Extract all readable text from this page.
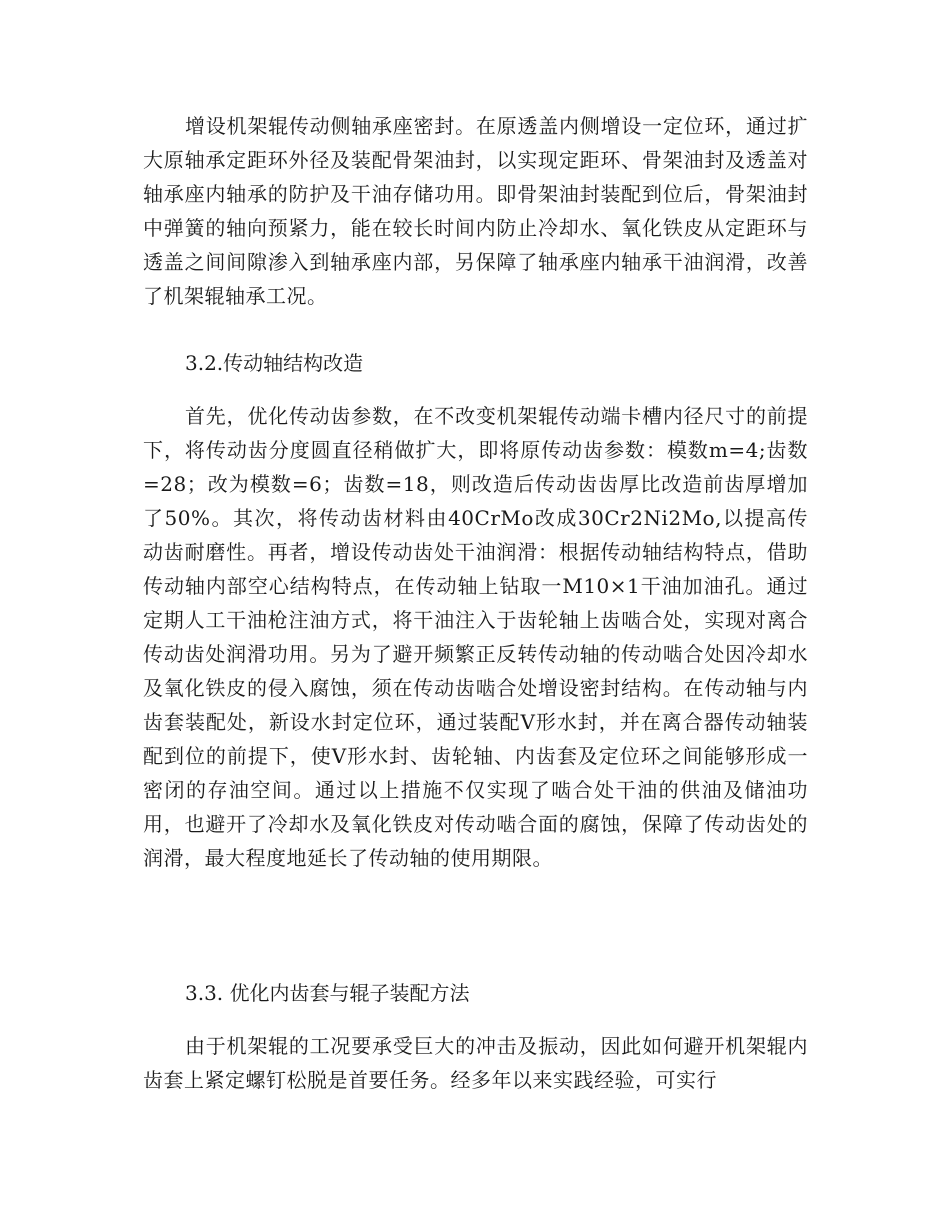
增设机架辊传动侧轴承座密封。在原透盖内侧增设一定位环，通过扩大原轴承定距环外径及装配骨架油封，以实现定距环、骨架油封及透盖对轴承座内轴承的防护及干油存储功用。即骨架油封装配到位后，骨架油封中弹簧的轴向预紧力，能在较长时间内防止冷却水、氧化铁皮从定距环与透盖之间间隙渗入到轴承座内部，另保障了轴承座内轴承干油润滑，改善了机架辊轴承工况。

3.2.传动轴结构改造

首先，优化传动齿参数，在不改变机架辊传动端卡槽内径尺寸的前提下，将传动齿分度圆直径稍做扩大，即将原传动齿参数：模数m=4;齿数=28；改为模数=6；齿数=18，则改造后传动齿齿厚比改造前齿厚增加了50%。其次，将传动齿材料由40CrMo改成30Cr2Ni2Mo,以提高传动齿耐磨性。再者，增设传动齿处干油润滑：根据传动轴结构特点，借助传动轴内部空心结构特点，在传动轴上钻取一M10×1干油加油孔。通过定期人工干油枪注油方式，将干油注入于齿轮轴上齿啮合处，实现对离合传动齿处润滑功用。另为了避开频繁正反转传动轴的传动啮合处因冷却水及氧化铁皮的侵入腐蚀，须在传动齿啮合处增设密封结构。在传动轴与内齿套装配处，新设水封定位环，通过装配V形水封，并在离合器传动轴装配到位的前提下，使V形水封、齿轮轴、内齿套及定位环之间能够形成一密闭的存油空间。通过以上措施不仅实现了啮合处干油的供油及储油功用，也避开了冷却水及氧化铁皮对传动啮合面的腐蚀，保障了传动齿处的润滑，最大程度地延长了传动轴的使用期限。

3.3. 优化内齿套与辊子装配方法

由于机架辊的工况要承受巨大的冲击及振动，因此如何避开机架辊内齿套上紧定螺钉松脱是首要任务。经多年以来实践经验，可实行
